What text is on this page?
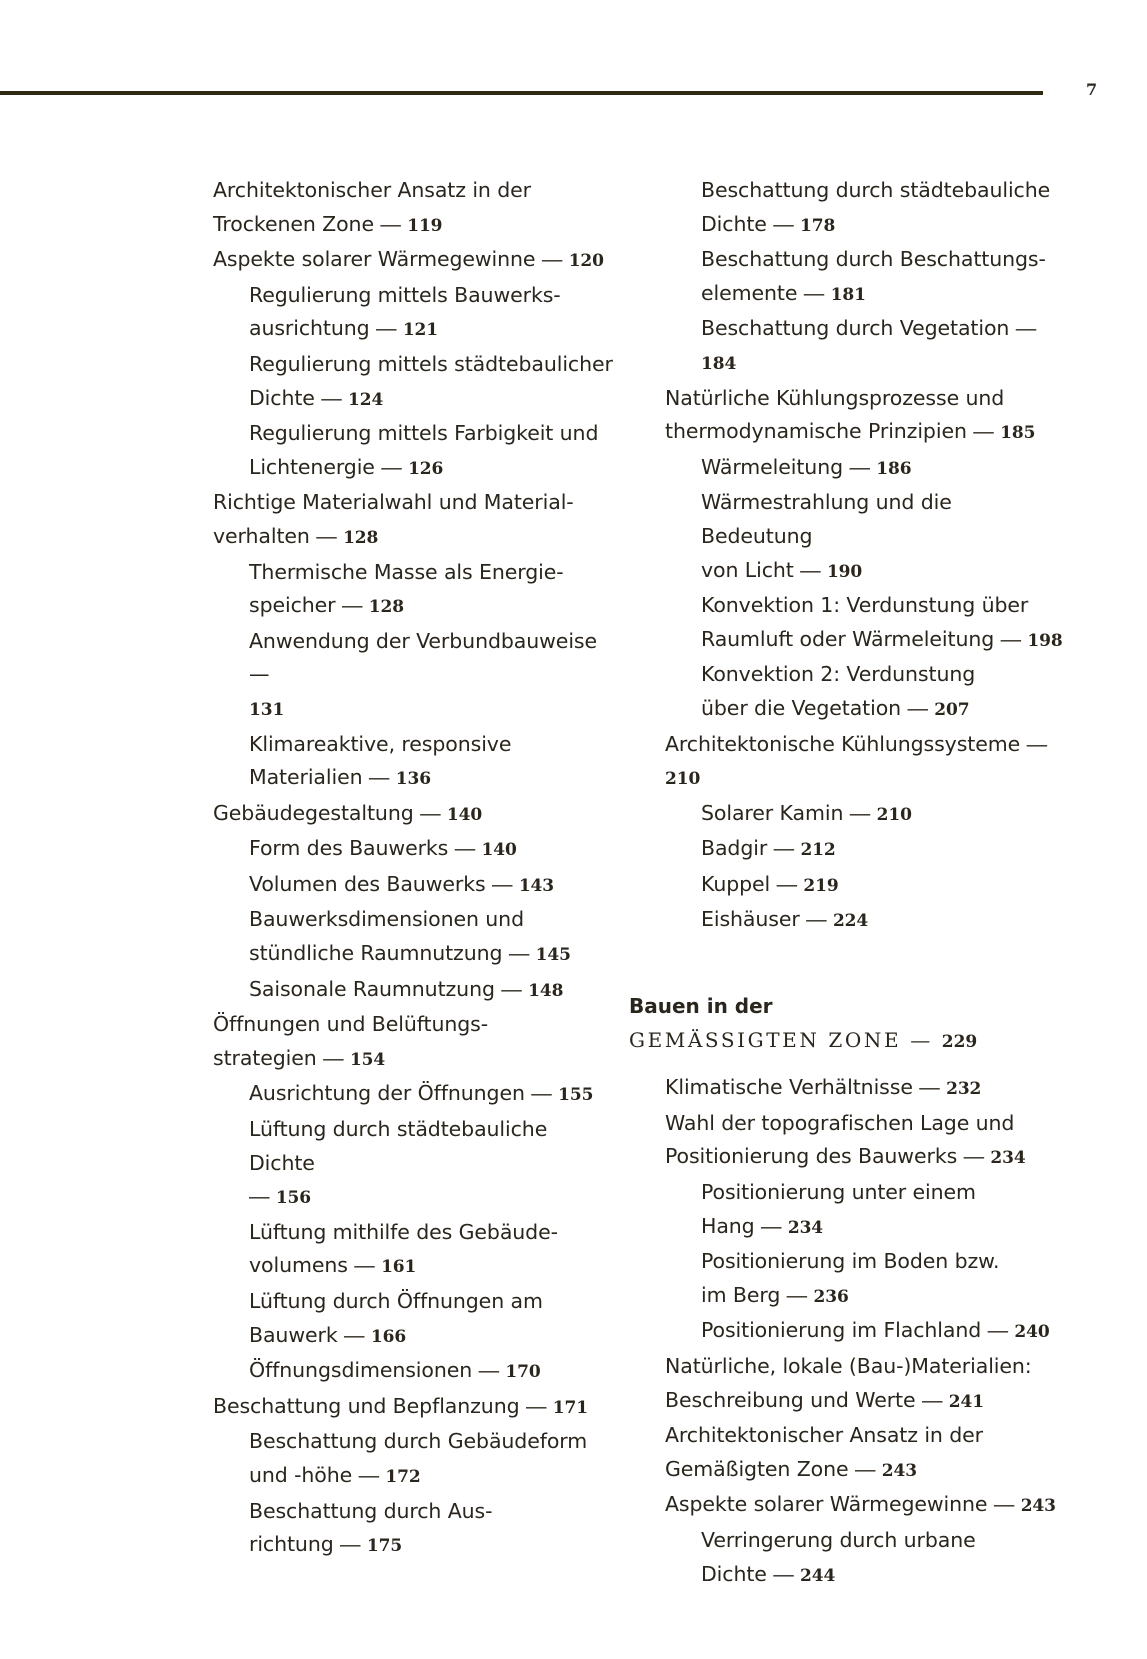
7
Architektonischer Ansatz in der
Trockenen Zone — 119
Aspekte solarer Wärmegewinne — 120
Regulierung mittels Bauwerks-
ausrichtung — 121
Regulierung mittels städtebaulicher
Dichte — 124
Regulierung mittels Farbigkeit und
Lichtenergie — 126
Richtige Materialwahl und Material-
verhalten — 128
Thermische Masse als Energie-
speicher — 128
Anwendung der Verbundbauweise —
131
Klimareaktive, responsive
Materialien — 136
Gebäudegestaltung — 140
Form des Bauwerks — 140
Volumen des Bauwerks — 143
Bauwerksdimensionen und
stündliche Raumnutzung — 145
Saisonale Raumnutzung — 148
Öffnungen und Belüftungs-
strategien — 154
Ausrichtung der Öffnungen — 155
Lüftung durch städtebauliche Dichte
— 156
Lüftung mithilfe des Gebäude-
volumens — 161
Lüftung durch Öffnungen am
Bauwerk — 166
Öffnungsdimensionen — 170
Beschattung und Bepflanzung — 171
Beschattung durch Gebäudeform
und -höhe — 172
Beschattung durch Aus-
richtung — 175
Beschattung durch städtebauliche
Dichte — 178
Beschattung durch Beschattungs-
elemente — 181
Beschattung durch Vegetation — 184
Natürliche Kühlungsprozesse und
thermodynamische Prinzipien — 185
Wärmeleitung — 186
Wärmestrahlung und die Bedeutung
von Licht — 190
Konvektion 1: Verdunstung über
Raumluft oder Wärmeleitung — 198
Konvektion 2: Verdunstung
über die Vegetation — 207
Architektonische Kühlungssysteme — 210
Solarer Kamin — 210
Badgir — 212
Kuppel — 219
Eishäuser — 224
Bauen in der
GEMÄSSIGTEN ZONE — 229
Klimatische Verhältnisse — 232
Wahl der topografischen Lage und
Positionierung des Bauwerks — 234
Positionierung unter einem
Hang — 234
Positionierung im Boden bzw.
im Berg — 236
Positionierung im Flachland — 240
Natürliche, lokale (Bau-)Materialien:
Beschreibung und Werte — 241
Architektonischer Ansatz in der
Gemäßigten Zone — 243
Aspekte solarer Wärmegewinne — 243
Verringerung durch urbane
Dichte — 244
